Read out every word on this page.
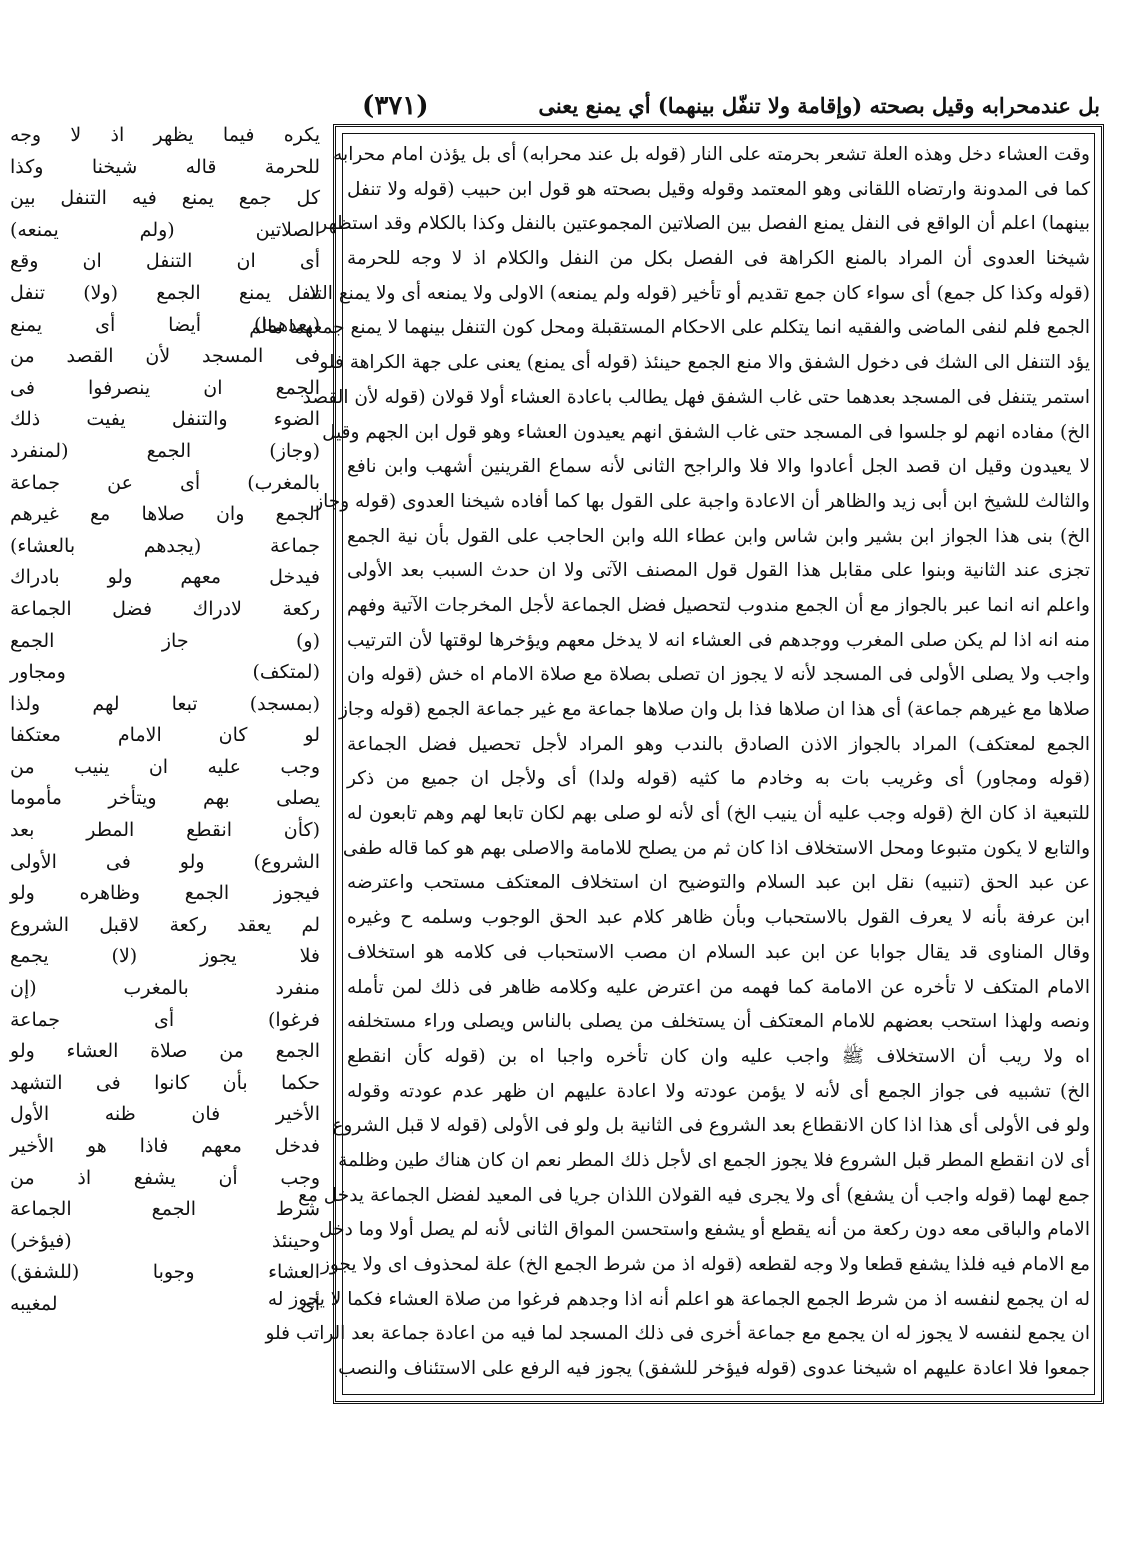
بل عندمحرابه وقيل بصحته (وإقامة ولا تنفّل بينهما) أي يمنع يعنى
(٣٧١)
وقت العشاء دخل وهذه العلة تشعر بحرمته على النار (قوله بل عند محرابه) أى بل يؤذن امام محرابه
كما فى المدونة وارتضاه اللقانى وهو المعتمد وقوله وقيل بصحته هو قول ابن حبيب (قوله ولا تنفل
بينهما) اعلم أن الواقع فى النفل يمنع الفصل بين الصلاتين المجموعتين بالنفل وكذا بالكلام وقد استظهر
شيخنا العدوى أن المراد بالمنع الكراهة فى الفصل بكل من النفل والكلام اذ لا وجه للحرمة
(قوله وكذا كل جمع) أى سواء كان جمع تقديم أو تأخير (قوله ولم يمنعه) الاولى ولا يمنعه أى ولا يمنع التنفل
الجمع فلم لنفى الماضى والفقيه انما يتكلم على الاحكام المستقبلة ومحل كون التنفل بينهما لا يمنع جمعهما مالم
يؤد التنفل الى الشك فى دخول الشفق والا منع الجمع حينئذ (قوله أى يمنع) يعنى على جهة الكراهة فلو
استمر يتنفل فى المسجد بعدهما حتى غاب الشفق فهل يطالب باعادة العشاء أولا قولان (قوله لأن القصد
الخ) مفاده انهم لو جلسوا فى المسجد حتى غاب الشفق انهم يعيدون العشاء وهو قول ابن الجهم وقيل
لا يعيدون وقيل ان قصد الجل أعادوا والا فلا والراجح الثانى لأنه سماع القرينين أشهب وابن نافع
والثالث للشيخ ابن أبى زيد والظاهر أن الاعادة واجبة على القول بها كما أفاده شيخنا العدوى (قوله وجاز
الخ) بنى هذا الجواز ابن بشير وابن شاس وابن عطاء الله وابن الحاجب على القول بأن نية الجمع
تجزى عند الثانية وبنوا على مقابل هذا القول قول المصنف الآتى ولا ان حدث السبب بعد الأولى
واعلم انه انما عبر بالجواز مع أن الجمع مندوب لتحصيل فضل الجماعة لأجل المخرجات الآتية وفهم
منه انه اذا لم يكن صلى المغرب ووجدهم فى العشاء انه لا يدخل معهم ويؤخرها لوقتها لأن الترتيب
واجب ولا يصلى الأولى فى المسجد لأنه لا يجوز ان تصلى بصلاة مع صلاة الامام اه خش (قوله وان
صلاها مع غيرهم جماعة) أى هذا ان صلاها فذا بل وان صلاها جماعة مع غير جماعة الجمع (قوله وجاز
الجمع لمعتكف) المراد بالجواز الاذن الصادق بالندب وهو المراد لأجل تحصيل فضل الجماعة
(قوله ومجاور) أى وغريب بات به وخادم ما كثيه (قوله ولدا) أى ولأجل ان جميع من ذكر
للتبعية اذ كان الخ (قوله وجب عليه أن ينيب الخ) أى لأنه لو صلى بهم لكان تابعا لهم وهم تابعون له
والتابع لا يكون متبوعا ومحل الاستخلاف اذا كان ثم من يصلح للامامة والاصلى بهم هو كما قاله طفى
عن عبد الحق (تنبيه) نقل ابن عبد السلام والتوضيح ان استخلاف المعتكف مستحب واعترضه
ابن عرفة بأنه لا يعرف القول بالاستحباب وبأن ظاهر كلام عبد الحق الوجوب وسلمه ح وغيره
وقال المناوى قد يقال جوابا عن ابن عبد السلام ان مصب الاستحباب فى كلامه هو استخلاف
الامام المتكف لا تأخره عن الامامة كما فهمه من اعترض عليه وكلامه ظاهر فى ذلك لمن تأمله
ونصه ولهذا استحب بعضهم للامام المعتكف أن يستخلف من يصلى بالناس ويصلى وراء مستخلفه
اه ولا ريب أن الاستخلاف ﷺ واجب عليه وان كان تأخره واجبا اه بن (قوله كأن انقطع
الخ) تشبيه فى جواز الجمع أى لأنه لا يؤمن عودته ولا اعادة عليهم ان ظهر عدم عودته وقوله
ولو فى الأولى أى هذا اذا كان الانقطاع بعد الشروع فى الثانية بل ولو فى الأولى (قوله لا قبل الشروع
أى لان انقطع المطر قبل الشروع فلا يجوز الجمع اى لأجل ذلك المطر نعم ان كان هناك طين وظلمة
جمع لهما (قوله واجب أن يشفع) أى ولا يجرى فيه القولان اللذان جريا فى المعيد لفضل الجماعة يدخل مع
الامام والباقى معه دون ركعة من أنه يقطع أو يشفع واستحسن المواق الثانى لأنه لم يصل أولا وما دخل
مع الامام فيه فلذا يشفع قطعا ولا وجه لقطعه (قوله اذ من شرط الجمع الخ) علة لمحذوف اى ولا يجوز
له ان يجمع لنفسه اذ من شرط الجمع الجماعة هو اعلم أنه اذا وجدهم فرغوا من صلاة العشاء فكما لا يجوز له
ان يجمع لنفسه لا يجوز له ان يجمع مع جماعة أخرى فى ذلك المسجد لما فيه من اعادة جماعة بعد الراتب فلو
جمعوا فلا اعادة عليهم اه شيخنا عدوى (قوله فيؤخر للشفق) يجوز فيه الرفع على الاستئناف والنصب
يكره فيما يظهر اذ لا وجه
للحرمة قاله شيخنا وكذا
كل جمع يمنع فيه التنفل بين
الصلاتين (ولم يمنعه)
أى ان التنفل ان وقع
لا يمنع الجمع (ولا) تنفل
(بعدهما) أيضا أى يمنع
فى المسجد لأن القصد من
الجمع ان ينصرفوا فى
الضوء والتنفل يفيت ذلك
(وجاز) الجمع (لمنفرد
بالمغرب) أى عن جماعة
الجمع وان صلاها مع غيرهم
جماعة (يجدهم بالعشاء)
فيدخل معهم ولو بادراك
ركعة لادراك فضل الجماعة
(و) جاز الجمع
(لمتكف) ومجاور
(بمسجد) تبعا لهم ولذا
لو كان الامام معتكفا
وجب عليه ان ينيب من
يصلى بهم ويتأخر مأموما
(كأن انقطع المطر بعد
الشروع) ولو فى الأولى
فيجوز الجمع وظاهره ولو
لم يعقد ركعة لاقبل الشروع
فلا يجوز (لا) يجمع
منفرد بالمغرب (إن
فرغوا) أى جماعة
الجمع من صلاة العشاء ولو
حكما بأن كانوا فى التشهد
الأخير فان ظنه الأول
فدخل معهم فاذا هو الأخير
وجب أن يشفع اذ من
شرط الجمع الجماعة
وحينئذ (فيؤخر)
العشاء وجوبا (للشفق)
أى لمغيبه
